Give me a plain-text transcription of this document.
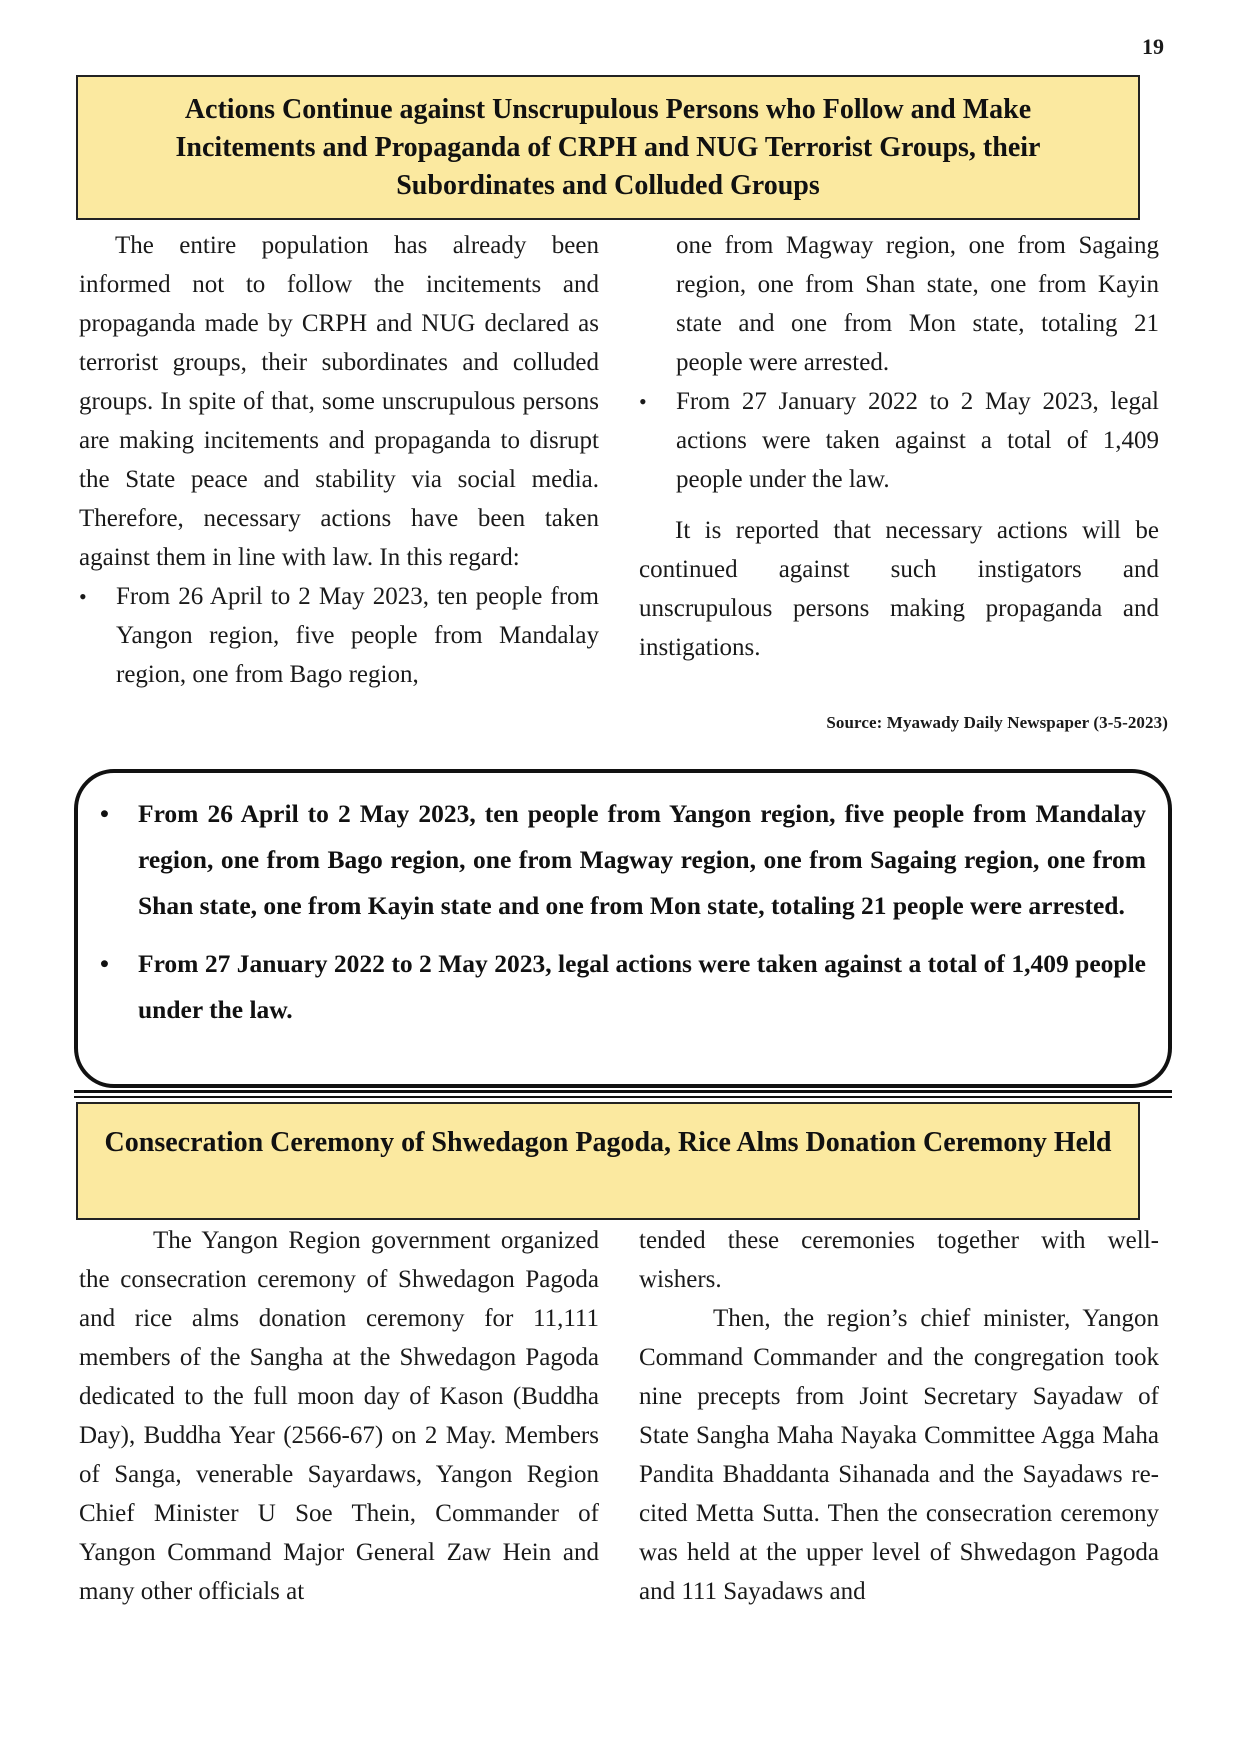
19
Actions Continue against Unscrupulous Persons who Follow and Make Incitements and Propaganda of CRPH and NUG Terrorist Groups, their Subordinates and Colluded Groups

The entire population has already been informed not to follow the incitements and propaganda made by CRPH and NUG declared as terrorist groups, their subordinates and colluded groups. In spite of that, some unscrupulous persons are making incitements and propaganda to disrupt the State peace and stability via social media. Therefore, necessary actions have been taken against them in line with law. In this regard:

• From 26 April to 2 May 2023, ten people from Yangon region, five people from Mandalay region, one from Bago region,

one from Magway region, one from Sagaing region, one from Shan state, one from Kayin state and one from Mon state, totaling 21 people were arrested.

• From 27 January 2022 to 2 May 2023, legal actions were taken against a total of 1,409 people under the law.

It is reported that necessary actions will be continued against such instigators and unscrupulous persons making propaganda and instigations.

Source: Myawady Daily Newspaper (3-5-2023)
• From 26 April to 2 May 2023, ten people from Yangon region, five people from Mandalay region, one from Bago region, one from Magway region, one from Sagaing region, one from Shan state, one from Kayin state and one from Mon state, totaling 21 people were arrested.
• From 27 January 2022 to 2 May 2023, legal actions were taken against a total of 1,409 people under the law.
Consecration Ceremony of Shwedagon Pagoda, Rice Alms Donation Ceremony Held

The Yangon Region government organized the consecration ceremony of Shwedagon Pagoda and rice alms donation ceremony for 11,111 members of the Sangha at the Shwedagon Pagoda dedicated to the full moon day of Kason (Buddha Day), Buddha Year (2566-67) on 2 May. Members of Sanga, venerable Sayardaws, Yangon Region Chief Minister U Soe Thein, Commander of Yangon Command Major General Zaw Hein and many other officials at

tended these ceremonies together with well-wishers.

Then, the region’s chief minister, Yangon Command Commander and the congregation took nine precepts from Joint Secretary Sayadaw of State Sangha Maha Nayaka Committee Agga Maha Pandita Bhaddanta Sihanada and the Sayadaws recited Metta Sutta. Then the consecration ceremony was held at the upper level of Shwedagon Pagoda and 111 Sayadaws and
